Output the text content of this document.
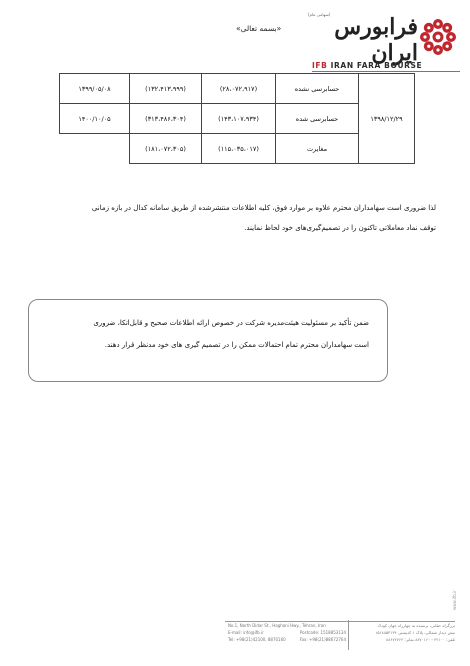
«بسمه تعالی»
(سهامی عام) فرابورس ایران
IFB IRAN FARA BOURSE
۱۳۹۸/۱۲/۲۹	حسابرسی نشده	(۲۸،۰۷۲،۹۱۷)	(۱۳۲،۴۱۳،۹۹۹)	۱۳۹۹/۰۵/۰۸
	حسابرسی شده	(۱۴۳،۱۰۷،۹۳۴)	(۳۱۳،۴۸۶،۳۰۴)	۱۴۰۰/۱۰/۰۵
	مغایرت	(۱۱۵،۰۳۵،۰۱۷)	(۱۸۱،۰۷۲،۳۰۵)	
لذا ضروری است سهامداران محترم علاوه بر موارد فوق، کلیه اطلاعات منتشرشده از طریق سامانه کدال در بازه زمانی
توقف نماد معاملاتی تاکنون را در تصمیم‌گیری‌های خود لحاظ نمایند.
ضمن تأکید بر مسئولیت هیئت‌مدیره شرکت در خصوص ارائه اطلاعات صحیح و قابل‌اتکا، ضروری
است سهامداران محترم تمام احتمالات ممکن را در تصمیم گیری های خود مدنظر قرار دهند.
www.ifb.ir
No.1, North Didar St., Haghani Hwy., Tehran, Iran
E-mail: info@ifb.ir	Postcode: 1518853134
Tel: +98(21)42100, 8870160	Fax: +98(21)88672764
بزرگراه حقانی، نرسیده به چهارراه جهان کودک
نبش دیدار شمالی، پلاک ۱ کدپستی ۱۵۱۸۸۵۳۱۳۴
تلفن: ۴۲۱۰۰ - ۸۸۷۰۱۶۰ نمابر: ۸۸۶۷۲۷۶۴
